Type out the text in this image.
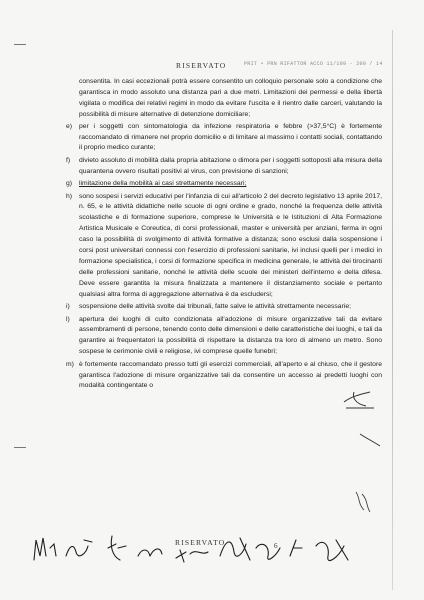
RISERVATO	PRIT • PRN RIFATTOR ACCO 11/199 - 200 / 14

consentita. In casi eccezionali potrà essere consentito un colloquio personale solo a condizione che garantisca in modo assoluto una distanza pari a due metri. Limitazioni dei permessi e della libertà vigilata o modifica dei relativi regimi in modo da evitare l'uscita e il rientro dalle carceri, valutando la possibilità di misure alternative di detenzione domiciliare;

e)	per i soggetti con sintomatologia da infezione respiratoria e febbre (>37,5°C) è fortemente raccomandato di rimanere nel proprio domicilio e di limitare al massimo i contatti sociali, contattando il proprio medico curante;
f)	divieto assoluto di mobilità dalla propria abitazione o dimora per i soggetti sottoposti alla misura della quarantena ovvero risultati positivi al virus, con previsione di sanzioni;
g)	limitazione della mobilità ai casi strettamente necessari;
h)	sono sospesi i servizi educativi per l'infanzia di cui all'articolo 2 del decreto legislativo 13 aprile 2017, n. 65, e le attività didattiche nelle scuole di ogni ordine e grado, nonché la frequenza delle attività scolastiche e di formazione superiore, comprese le Università e le Istituzioni di Alta Formazione Artistica Musicale e Coreutica, di corsi professionali, master e università per anziani, ferma in ogni caso la possibilità di svolgimento di attività formative a distanza; sono esclusi dalla sospensione i corsi post universitari connessi con l'esercizio di professioni sanitarie, ivi inclusi quelli per i medici in formazione specialistica, i corsi di formazione specifica in medicina generale, le attività dei tirocinanti delle professioni sanitarie, nonché le attività delle scuole dei ministeri dell'interno e della difesa. Deve essere garantita la misura finalizzata a mantenere il distanziamento sociale e pertanto qualsiasi altra forma di aggregazione alternativa è da escludersi;
i)	sospensione delle attività svolte dai tribunali, fatte salve le attività strettamente necessarie;
l)	apertura dei luoghi di culto condizionata all'adozione di misure organizzative tali da evitare assembramenti di persone, tenendo conto delle dimensioni e delle caratteristiche dei luoghi, e tali da garantire ai frequentatori la possibilità di rispettare la distanza tra loro di almeno un metro. Sono sospese le cerimonie civili e religiose, ivi comprese quelle funebri;
m) è fortemente raccomandato presso tutti gli esercizi commerciali, all'aperto e al chiuso, che il gestore garantisca l'adozione di misure organizzative tali da consentire un accesso ai predetti luoghi con modalità contingentate o
RISERVATO	6
